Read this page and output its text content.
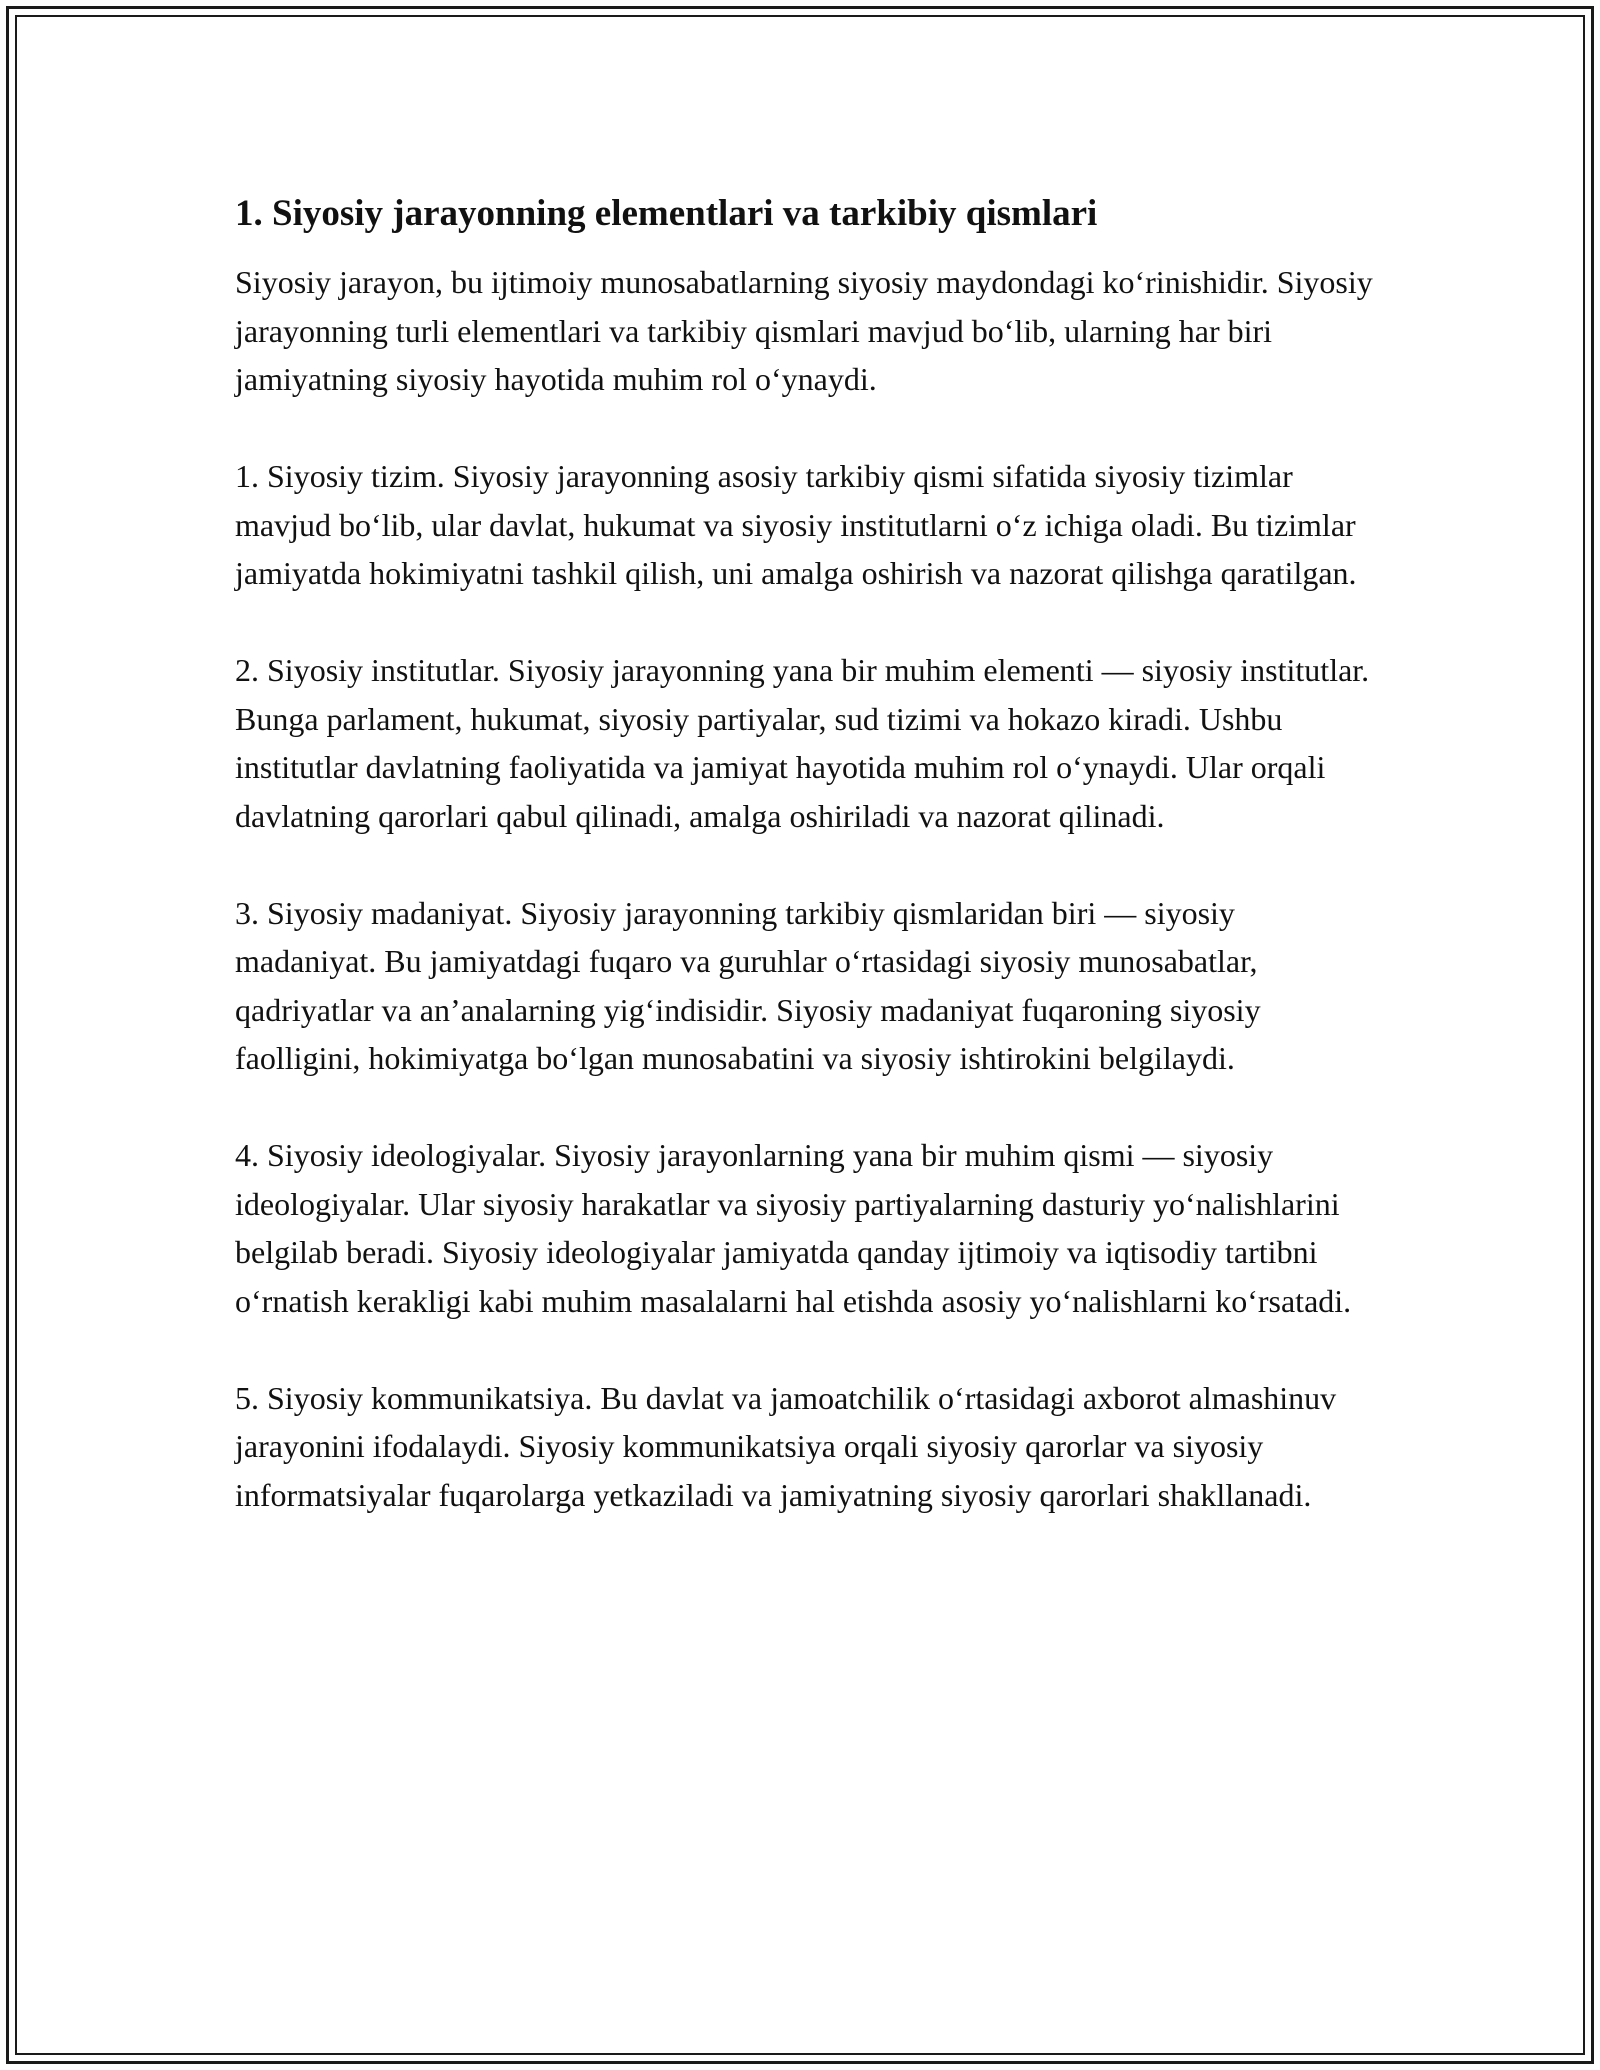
1. Siyosiy jarayonning elementlari va tarkibiy qismlari

Siyosiy jarayon, bu ijtimoiy munosabatlarning siyosiy maydondagi ko‘rinishidir. Siyosiy jarayonning turli elementlari va tarkibiy qismlari mavjud bo‘lib, ularning har biri jamiyatning siyosiy hayotida muhim rol o‘ynaydi.

1. Siyosiy tizim. Siyosiy jarayonning asosiy tarkibiy qismi sifatida siyosiy tizimlar mavjud bo‘lib, ular davlat, hukumat va siyosiy institutlarni o‘z ichiga oladi. Bu tizimlar jamiyatda hokimiyatni tashkil qilish, uni amalga oshirish va nazorat qilishga qaratilgan.

2. Siyosiy institutlar. Siyosiy jarayonning yana bir muhim elementi — siyosiy institutlar. Bunga parlament, hukumat, siyosiy partiyalar, sud tizimi va hokazo kiradi. Ushbu institutlar davlatning faoliyatida va jamiyat hayotida muhim rol o‘ynaydi. Ular orqali davlatning qarorlari qabul qilinadi, amalga oshiriladi va nazorat qilinadi.

3. Siyosiy madaniyat. Siyosiy jarayonning tarkibiy qismlaridan biri — siyosiy madaniyat. Bu jamiyatdagi fuqaro va guruhlar o‘rtasidagi siyosiy munosabatlar, qadriyatlar va an’analarning yig‘indisidir. Siyosiy madaniyat fuqaroning siyosiy faolligini, hokimiyatga bo‘lgan munosabatini va siyosiy ishtirokini belgilaydi.

4. Siyosiy ideologiyalar. Siyosiy jarayonlarning yana bir muhim qismi — siyosiy ideologiyalar. Ular siyosiy harakatlar va siyosiy partiyalarning dasturiy yo‘nalishlarini belgilab beradi. Siyosiy ideologiyalar jamiyatda qanday ijtimoiy va iqtisodiy tartibni o‘rnatish kerakligi kabi muhim masalalarni hal etishda asosiy yo‘nalishlarni ko‘rsatadi.

5. Siyosiy kommunikatsiya. Bu davlat va jamoatchilik o‘rtasidagi axborot almashinuv jarayonini ifodalaydi. Siyosiy kommunikatsiya orqali siyosiy qarorlar va siyosiy informatsiyalar fuqarolarga yetkaziladi va jamiyatning siyosiy qarorlari shakllanadi.
